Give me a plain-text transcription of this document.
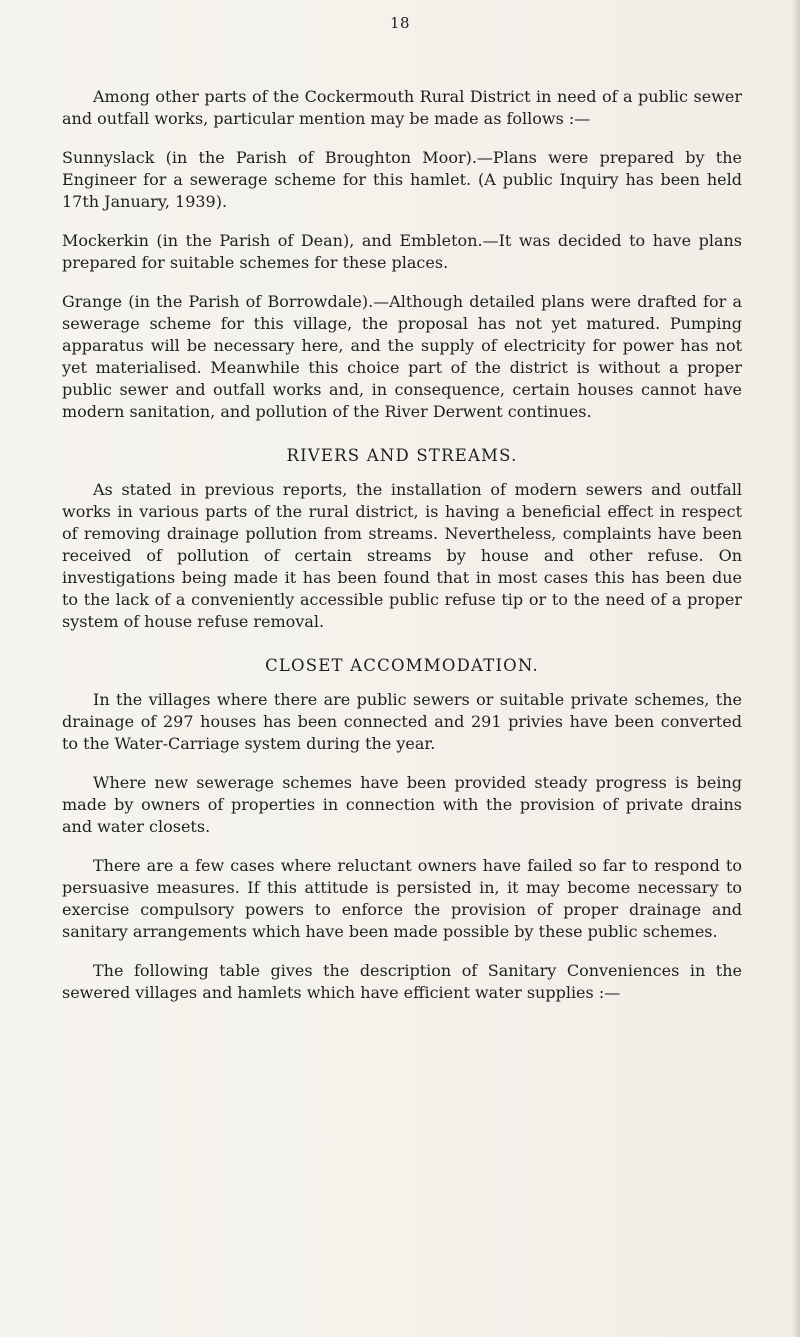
18

Among other parts of the Cockermouth Rural District in need of a public sewer and outfall works, particular mention may be made as follows :—

Sunnyslack (in the Parish of Broughton Moor).—Plans were prepared by the Engineer for a sewerage scheme for this hamlet. (A public Inquiry has been held 17th January, 1939).

Mockerkin (in the Parish of Dean), and Embleton.—It was decided to have plans prepared for suitable schemes for these places.

Grange (in the Parish of Borrowdale).—Although detailed plans were drafted for a sewerage scheme for this village, the proposal has not yet matured. Pumping apparatus will be necessary here, and the supply of electricity for power has not yet materialised. Meanwhile this choice part of the district is without a proper public sewer and outfall works and, in consequence, certain houses cannot have modern sanitation, and pollution of the River Derwent continues.

RIVERS AND STREAMS.

As stated in previous reports, the installation of modern sewers and outfall works in various parts of the rural district, is having a beneficial effect in respect of removing drainage pollution from streams. Nevertheless, complaints have been received of pollution of certain streams by house and other refuse. On investigations being made it has been found that in most cases this has been due to the lack of a conveniently accessible public refuse tip or to the need of a proper system of house refuse removal.

CLOSET ACCOMMODATION.

In the villages where there are public sewers or suitable private schemes, the drainage of 297 houses has been connected and 291 privies have been converted to the Water-Carriage system during the year.

Where new sewerage schemes have been provided steady progress is being made by owners of properties in connection with the provision of private drains and water closets.

There are a few cases where reluctant owners have failed so far to respond to persuasive measures. If this attitude is persisted in, it may become necessary to exercise compulsory powers to enforce the provision of proper drainage and sanitary arrangements which have been made possible by these public schemes.

The following table gives the description of Sanitary Conveniences in the sewered villages and hamlets which have efficient water supplies :—
